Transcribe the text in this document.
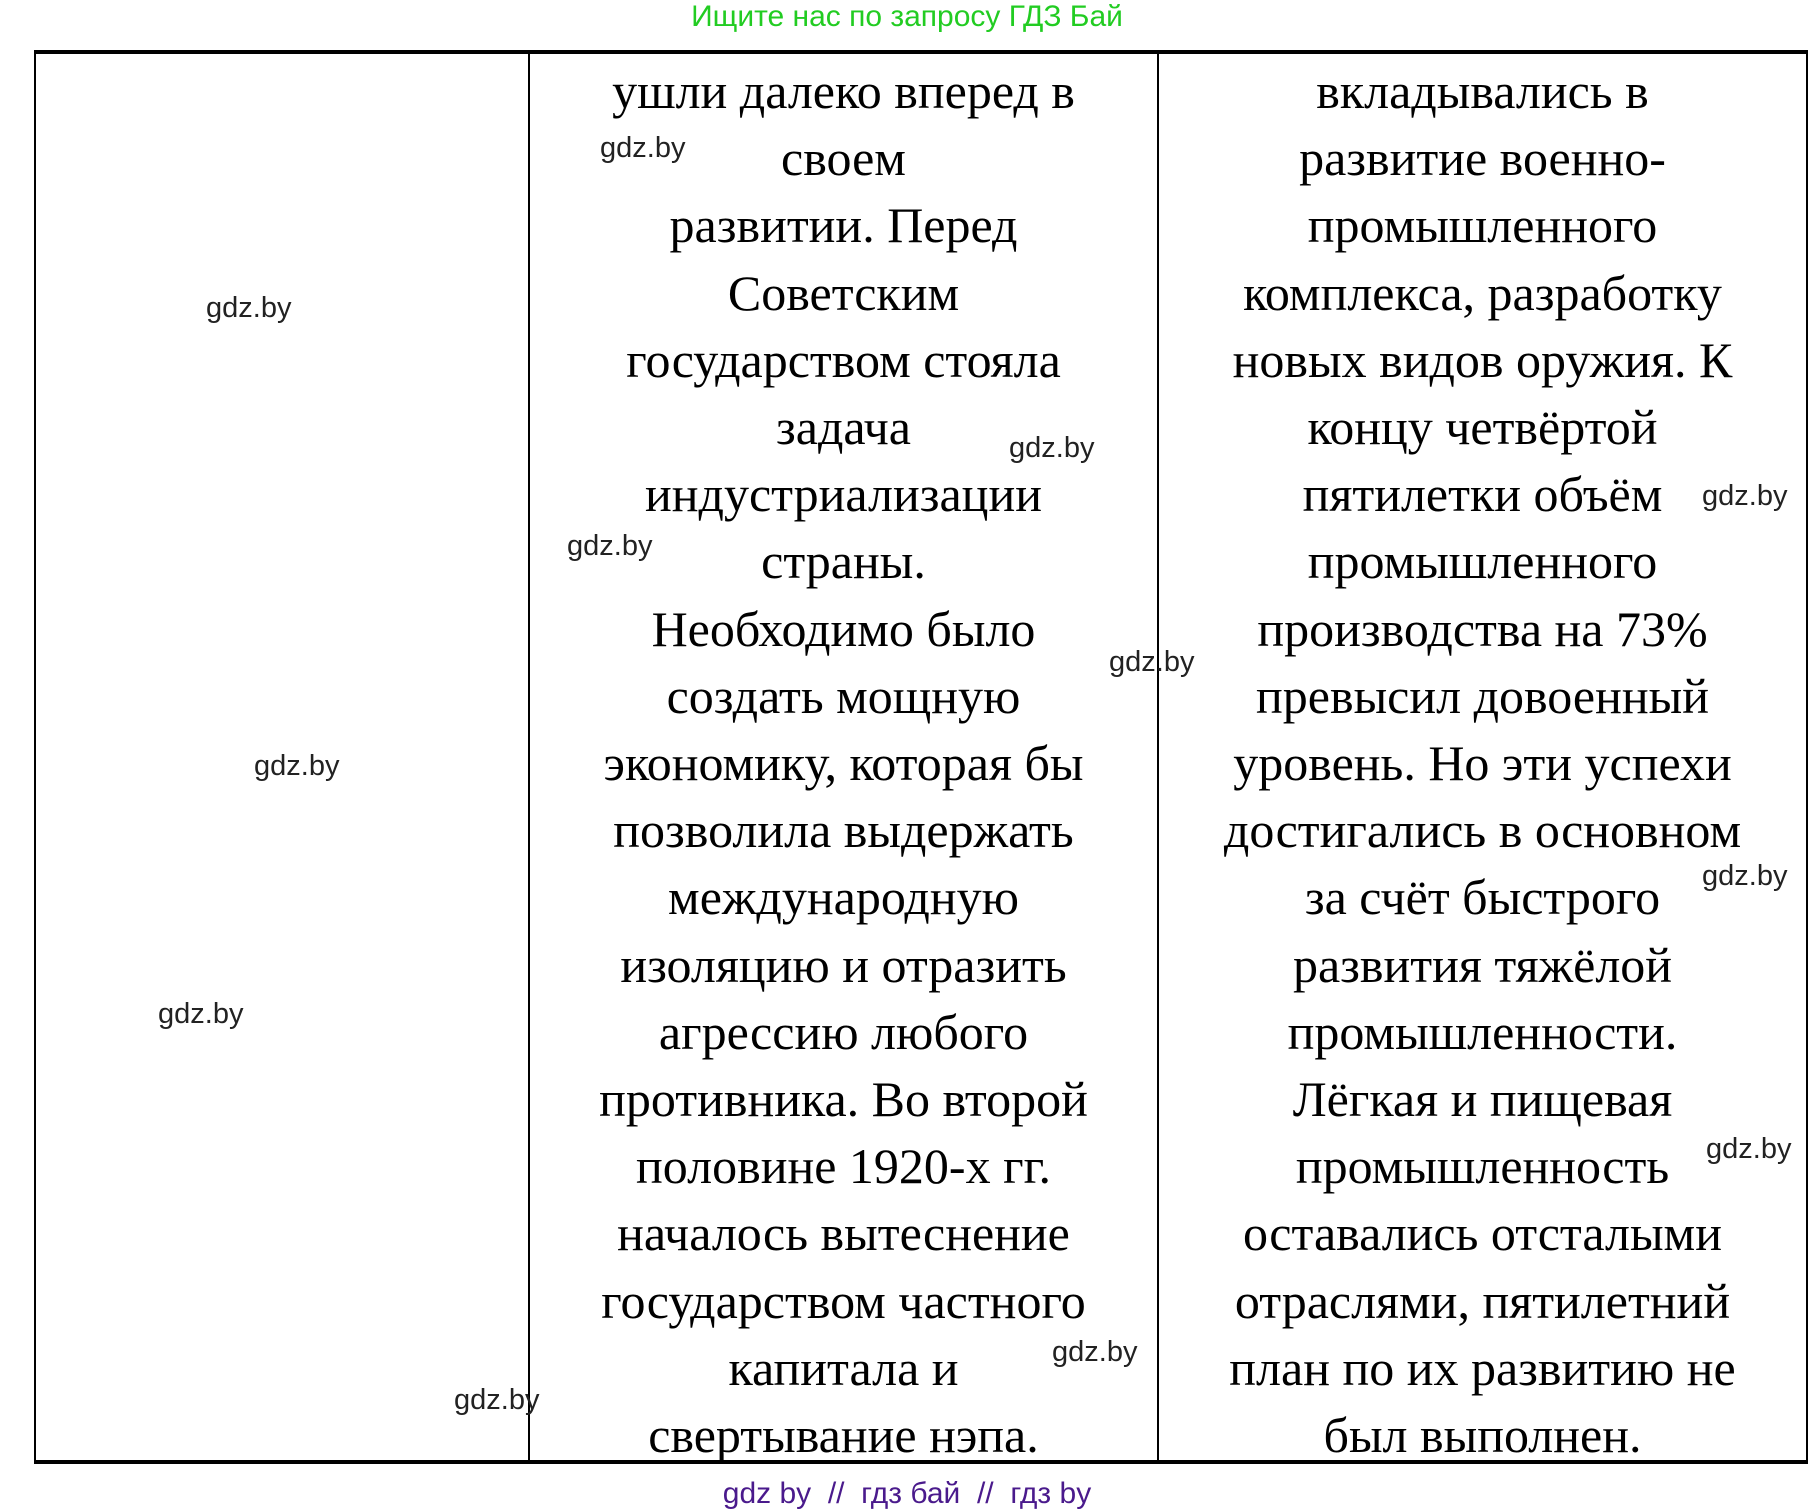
Ищите нас по запросу ГДЗ Бай
ушли далеко вперед в
своем
развитии. Перед
Советским
государством стояла
задача
индустриализации
страны.
Необходимо было
создать мощную
экономику, которая бы
позволила выдержать
международную
изоляцию и отразить
агрессию любого
противника. Во второй
половине 1920-х гг.
началось вытеснение
государством частного
капитала и
свертывание нэпа.
вкладывались в
развитие военно-
промышленного
комплекса, разработку
новых видов оружия. К
концу четвёртой
пятилетки объём
промышленного
производства на 73%
превысил довоенный
уровень. Но эти успехи
достигались в основном
за счёт быстрого
развития тяжёлой
промышленности.
Лёгкая и пищевая
промышленность
оставались отсталыми
отраслями, пятилетний
план по их развитию не
был выполнен.
gdz.by
gdz.by
gdz.by
gdz.by
gdz.by
gdz.by
gdz.by
gdz.by
gdz.by
gdz.by
gdz.by
gdz.by
gdz by  //  гдз бай  //  гдз by
